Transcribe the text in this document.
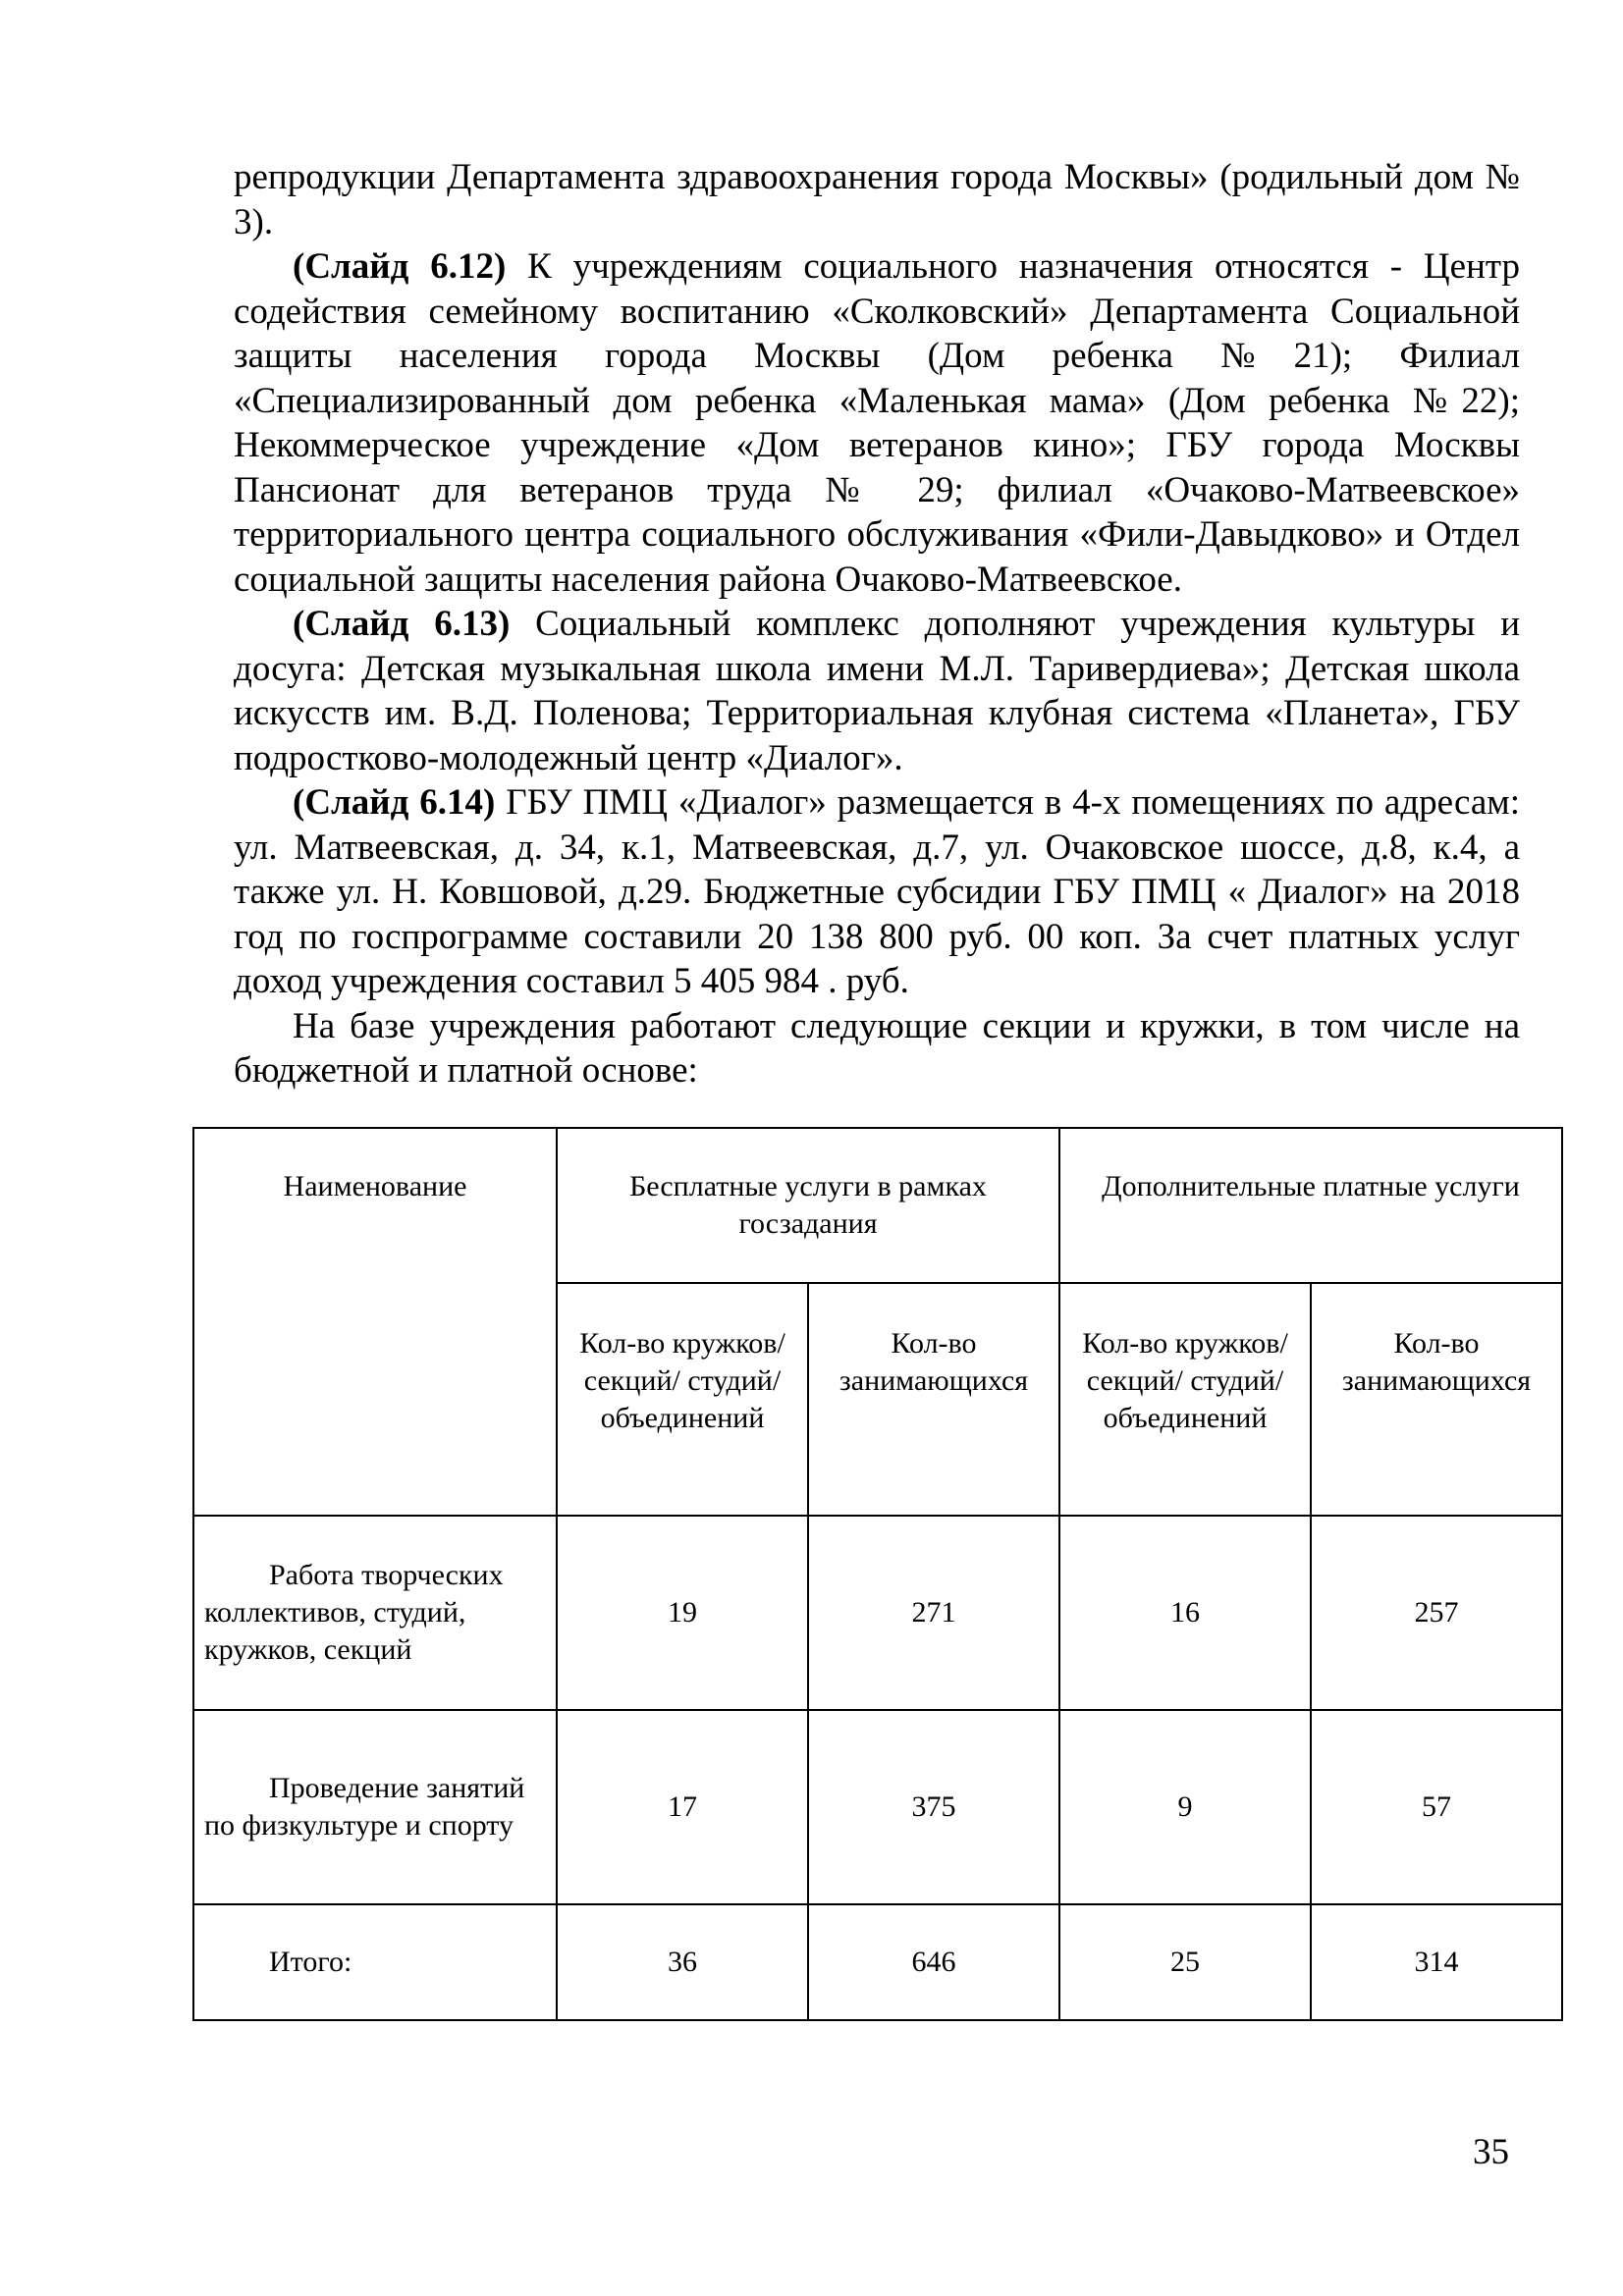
репродукции Департамента здравоохранения города Москвы» (родильный дом № 3).

(Слайд 6.12) К учреждениям социального назначения относятся - Центр содействия семейному воспитанию «Сколковский» Департамента Социальной защиты населения города Москвы (Дом ребенка №21); Филиал «Специализированный дом ребенка «Маленькая мама» (Дом ребенка №22); Некоммерческое учреждение «Дом ветеранов кино»; ГБУ города Москвы Пансионат для ветеранов труда № 29; филиал «Очаково-Матвеевское» территориального центра социального обслуживания «Фили-Давыдково» и Отдел социальной защиты населения района Очаково-Матвеевское.

(Слайд 6.13) Социальный комплекс дополняют учреждения культуры и досуга: Детская музыкальная школа имени М.Л. Таривердиева»; Детская школа искусств им. В.Д. Поленова; Территориальная клубная система «Планета», ГБУ подростково-молодежный центр «Диалог».

(Слайд 6.14) ГБУ ПМЦ «Диалог» размещается в 4-х помещениях по адресам: ул. Матвеевская, д. 34, к.1, Матвеевская, д.7, ул. Очаковское шоссе, д.8, к.4, а также ул. Н. Ковшовой, д.29. Бюджетные субсидии ГБУ ПМЦ « Диалог» на 2018 год по госпрограмме составили 20 138 800 руб. 00 коп. За счет платных услуг доход учреждения составил 5 405 984 . руб.

На базе учреждения работают следующие секции и кружки, в том числе на бюджетной и платной основе:

Наименование	Бесплатные услуги в рамках госзадания		Дополнительные платные услуги	
	Кол-во кружков/ секций/ студий/ объединений	Кол-во занимающихся	Кол-во кружков/ секций/ студий/ объединений	Кол-во занимающихся

Работа творческих коллективов, студий, кружков, секций	19	271	16	257

Проведение занятий по физкультуре и спорту	17	375	9	57

Итого:	36	646	25	314
35
